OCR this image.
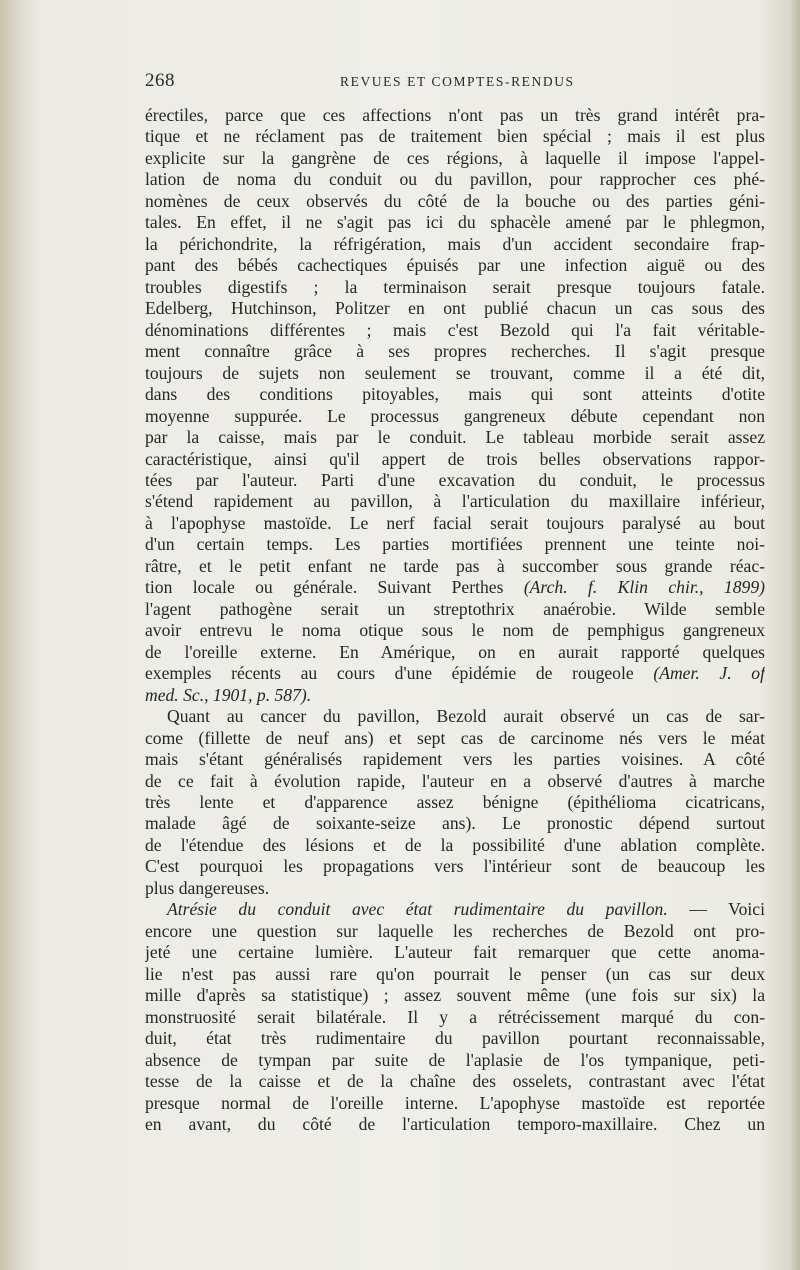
268	REVUES ET COMPTES-RENDUS
érectiles, parce que ces affections n'ont pas un très grand intérêt pra-
tique et ne réclament pas de traitement bien spécial ; mais il est plus
explicite sur la gangrène de ces régions, à laquelle il impose l'appel-
lation de noma du conduit ou du pavillon, pour rapprocher ces phé-
nomènes de ceux observés du côté de la bouche ou des parties géni-
tales. En effet, il ne s'agit pas ici du sphacèle amené par le phlegmon,
la périchondrite, la réfrigération, mais d'un accident secondaire frap-
pant des bébés cachectiques épuisés par une infection aiguë ou des
troubles digestifs ; la terminaison serait presque toujours fatale.
Edelberg, Hutchinson, Politzer en ont publié chacun un cas sous des
dénominations différentes ; mais c'est Bezold qui l'a fait véritable-
ment connaître grâce à ses propres recherches. Il s'agit presque
toujours de sujets non seulement se trouvant, comme il a été dit,
dans des conditions pitoyables, mais qui sont atteints d'otite
moyenne suppurée. Le processus gangreneux débute cependant non
par la caisse, mais par le conduit. Le tableau morbide serait assez
caractéristique, ainsi qu'il appert de trois belles observations rappor-
tées par l'auteur. Parti d'une excavation du conduit, le processus
s'étend rapidement au pavillon, à l'articulation du maxillaire inférieur,
à l'apophyse mastoïde. Le nerf facial serait toujours paralysé au bout
d'un certain temps. Les parties mortifiées prennent une teinte noi-
râtre, et le petit enfant ne tarde pas à succomber sous grande réac-
tion locale ou générale. Suivant Perthes (Arch. f. Klin chir., 1899)
l'agent pathogène serait un streptothrix anaérobie. Wilde semble
avoir entrevu le noma otique sous le nom de pemphigus gangreneux
de l'oreille externe. En Amérique, on en aurait rapporté quelques
exemples récents au cours d'une épidémie de rougeole (Amer. J. of
med. Sc., 1901, p. 587).
Quant au cancer du pavillon, Bezold aurait observé un cas de sar-
come (fillette de neuf ans) et sept cas de carcinome nés vers le méat
mais s'étant généralisés rapidement vers les parties voisines. A côté
de ce fait à évolution rapide, l'auteur en a observé d'autres à marche
très lente et d'apparence assez bénigne (épithélioma cicatricans,
malade âgé de soixante-seize ans). Le pronostic dépend surtout
de l'étendue des lésions et de la possibilité d'une ablation complète.
C'est pourquoi les propagations vers l'intérieur sont de beaucoup les
plus dangereuses.
Atrésie du conduit avec état rudimentaire du pavillon. — Voici
encore une question sur laquelle les recherches de Bezold ont pro-
jeté une certaine lumière. L'auteur fait remarquer que cette anoma-
lie n'est pas aussi rare qu'on pourrait le penser (un cas sur deux
mille d'après sa statistique) ; assez souvent même (une fois sur six) la
monstruosité serait bilatérale. Il y a rétrécissement marqué du con-
duit, état très rudimentaire du pavillon pourtant reconnaissable,
absence de tympan par suite de l'aplasie de l'os tympanique, peti-
tesse de la caisse et de la chaîne des osselets, contrastant avec l'état
presque normal de l'oreille interne. L'apophyse mastoïde est reportée
en avant, du côté de l'articulation temporo-maxillaire. Chez un
